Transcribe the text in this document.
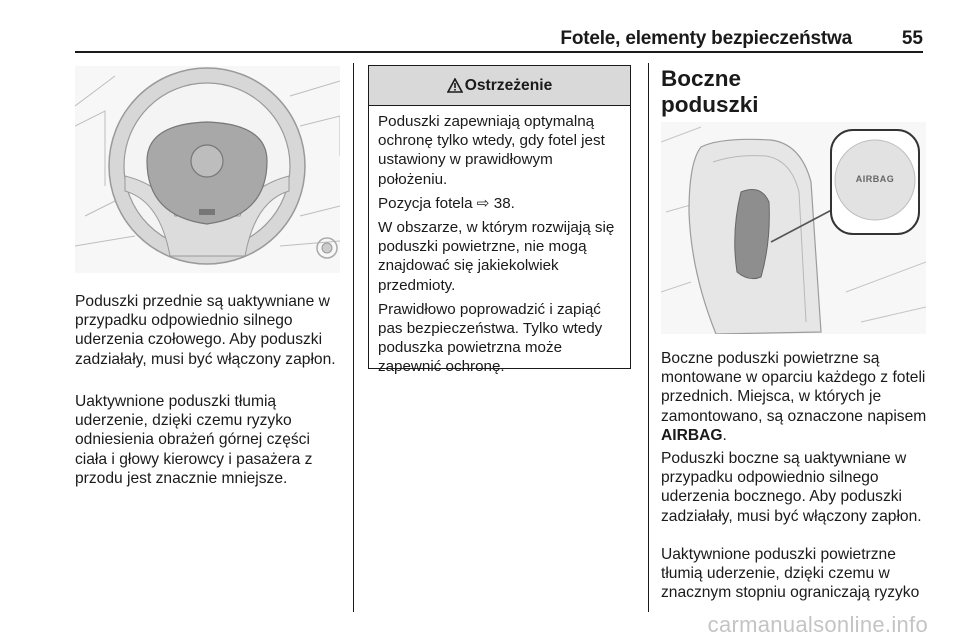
Fotele, elementy bezpieczeństwa	55

Poduszki przednie są uaktywniane w przypadku odpowiednio silnego uderzenia czołowego. Aby poduszki zadziałały, musi być włączony zapłon.

Uaktywnione poduszki tłumią uderzenie, dzięki czemu ryzyko odniesienia obrażeń górnej części ciała i głowy kierowcy i pasażera z przodu jest znacznie mniejsze.

Ostrzeżenie

Poduszki zapewniają optymalną ochronę tylko wtedy, gdy fotel jest ustawiony w prawidłowym położeniu.

Pozycja fotela ⇨ 38.

W obszarze, w którym rozwijają się poduszki powietrzne, nie mogą znajdować się jakiekolwiek przedmioty.

Prawidłowo poprowadzić i zapiąć pas bezpieczeństwa. Tylko wtedy poduszka powietrzna może zapewnić ochronę.

Boczne poduszki
AIRBAG

Boczne poduszki powietrzne są montowane w oparciu każdego z foteli przednich. Miejsca, w których je zamontowano, są oznaczone napisem AIRBAG.

Poduszki boczne są uaktywniane w przypadku odpowiednio silnego uderzenia bocznego. Aby poduszki zadziałały, musi być włączony zapłon.

Uaktywnione poduszki powietrzne tłumią uderzenie, dzięki czemu w znacznym stopniu ograniczają ryzyko

carmanualsonline.info
